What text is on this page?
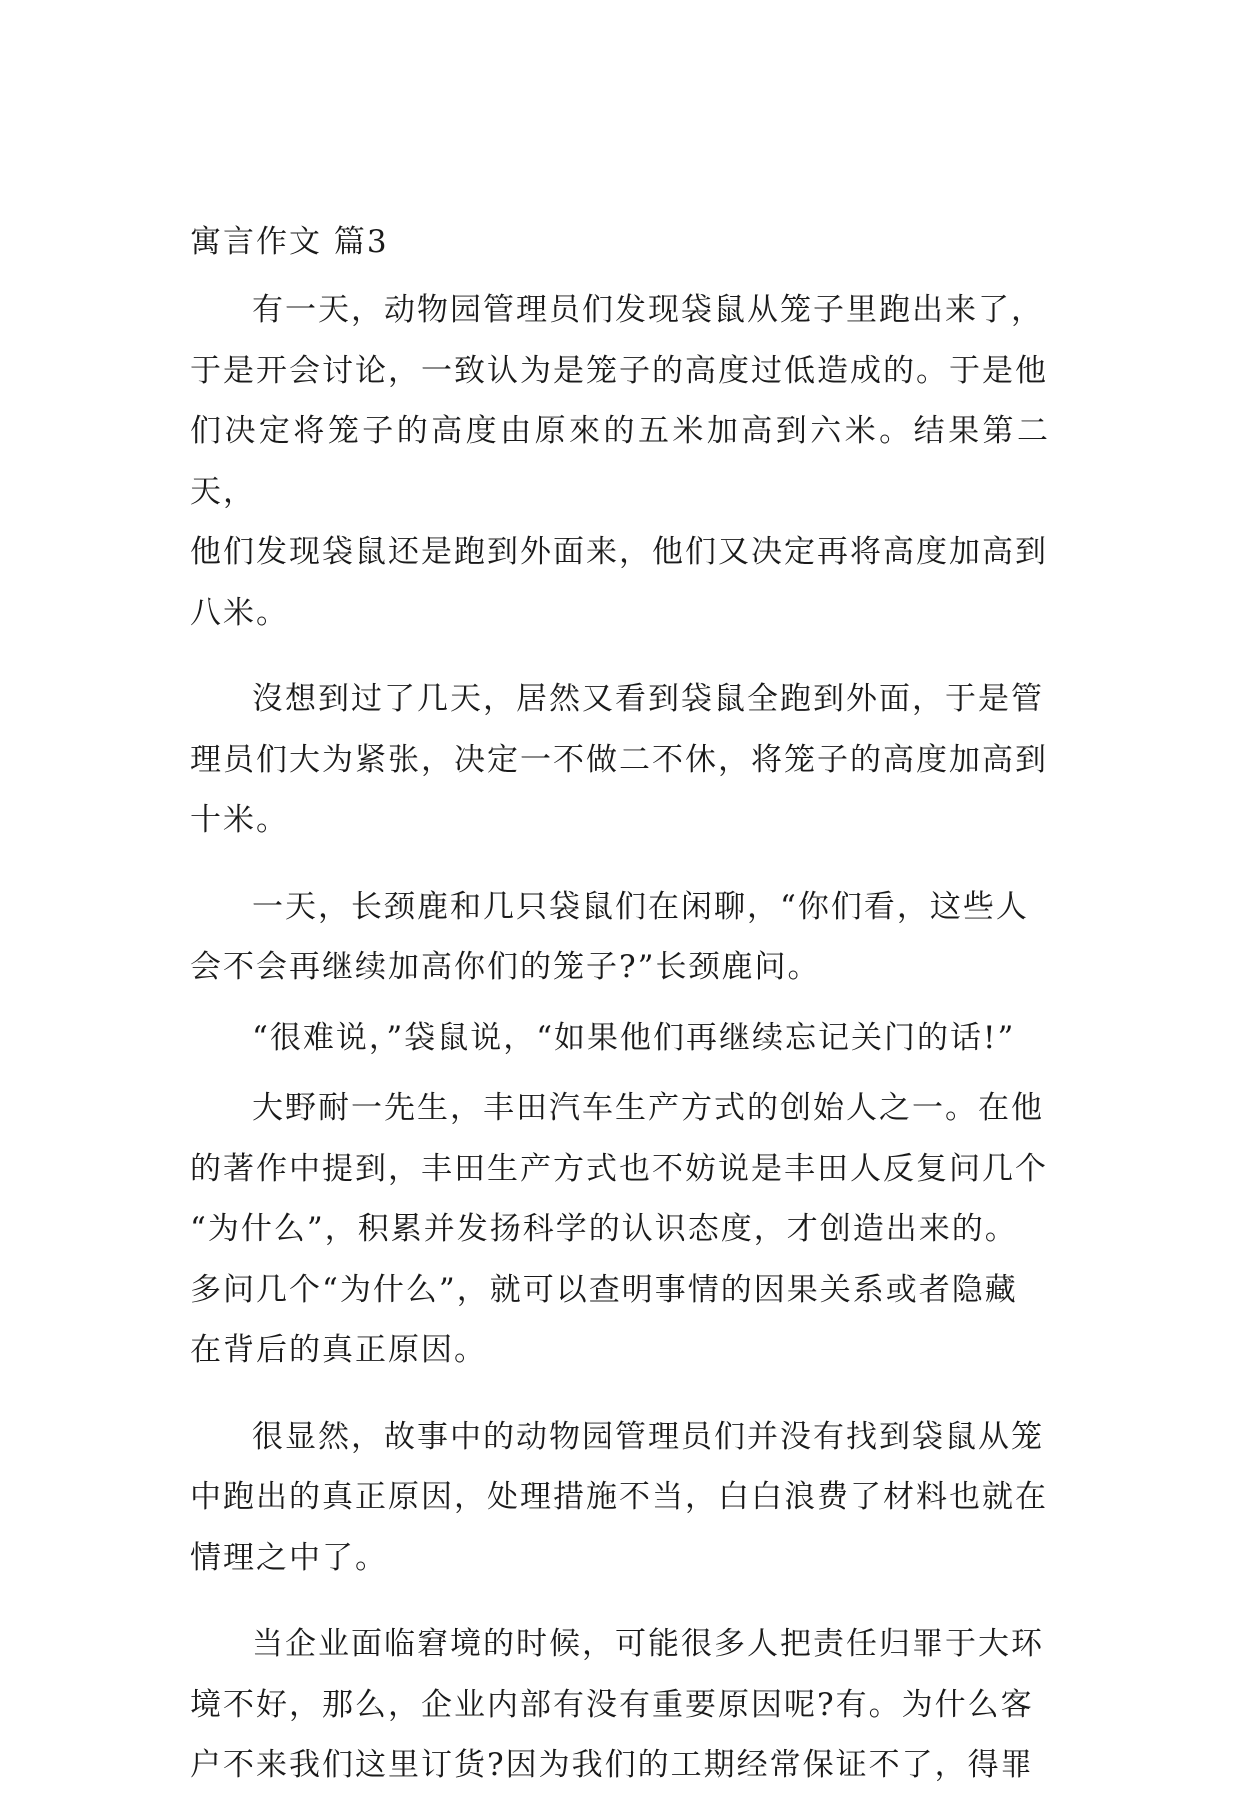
寓言作文 篇3

有一天，动物园管理员们发现袋鼠从笼子里跑出来了，
于是开会讨论，一致认为是笼子的高度过低造成的。于是他
们决定将笼子的高度由原來的五米加高到六米。结果第二天，
他们发现袋鼠还是跑到外面来，他们又决定再将高度加高到
八米。

沒想到过了几天，居然又看到袋鼠全跑到外面，于是管
理员们大为紧张，决定一不做二不休，将笼子的高度加高到
十米。

一天，长颈鹿和几只袋鼠们在闲聊，“你们看，这些人
会不会再继续加高你们的笼子?”长颈鹿问。

“很难说，”袋鼠说，“如果他们再继续忘记关门的话!”

大野耐一先生，丰田汽车生产方式的创始人之一。在他
的著作中提到，丰田生产方式也不妨说是丰田人反复问几个
“为什么”，积累并发扬科学的认识态度，才创造出来的。
多问几个“为什么”，就可以查明事情的因果关系或者隐藏
在背后的真正原因。

很显然，故事中的动物园管理员们并没有找到袋鼠从笼
中跑出的真正原因，处理措施不当，白白浪费了材料也就在
情理之中了。

当企业面临窘境的时候，可能很多人把责任归罪于大环
境不好，那么，企业内部有没有重要原因呢?有。为什么客
户不来我们这里订货?因为我们的工期经常保证不了，得罪
